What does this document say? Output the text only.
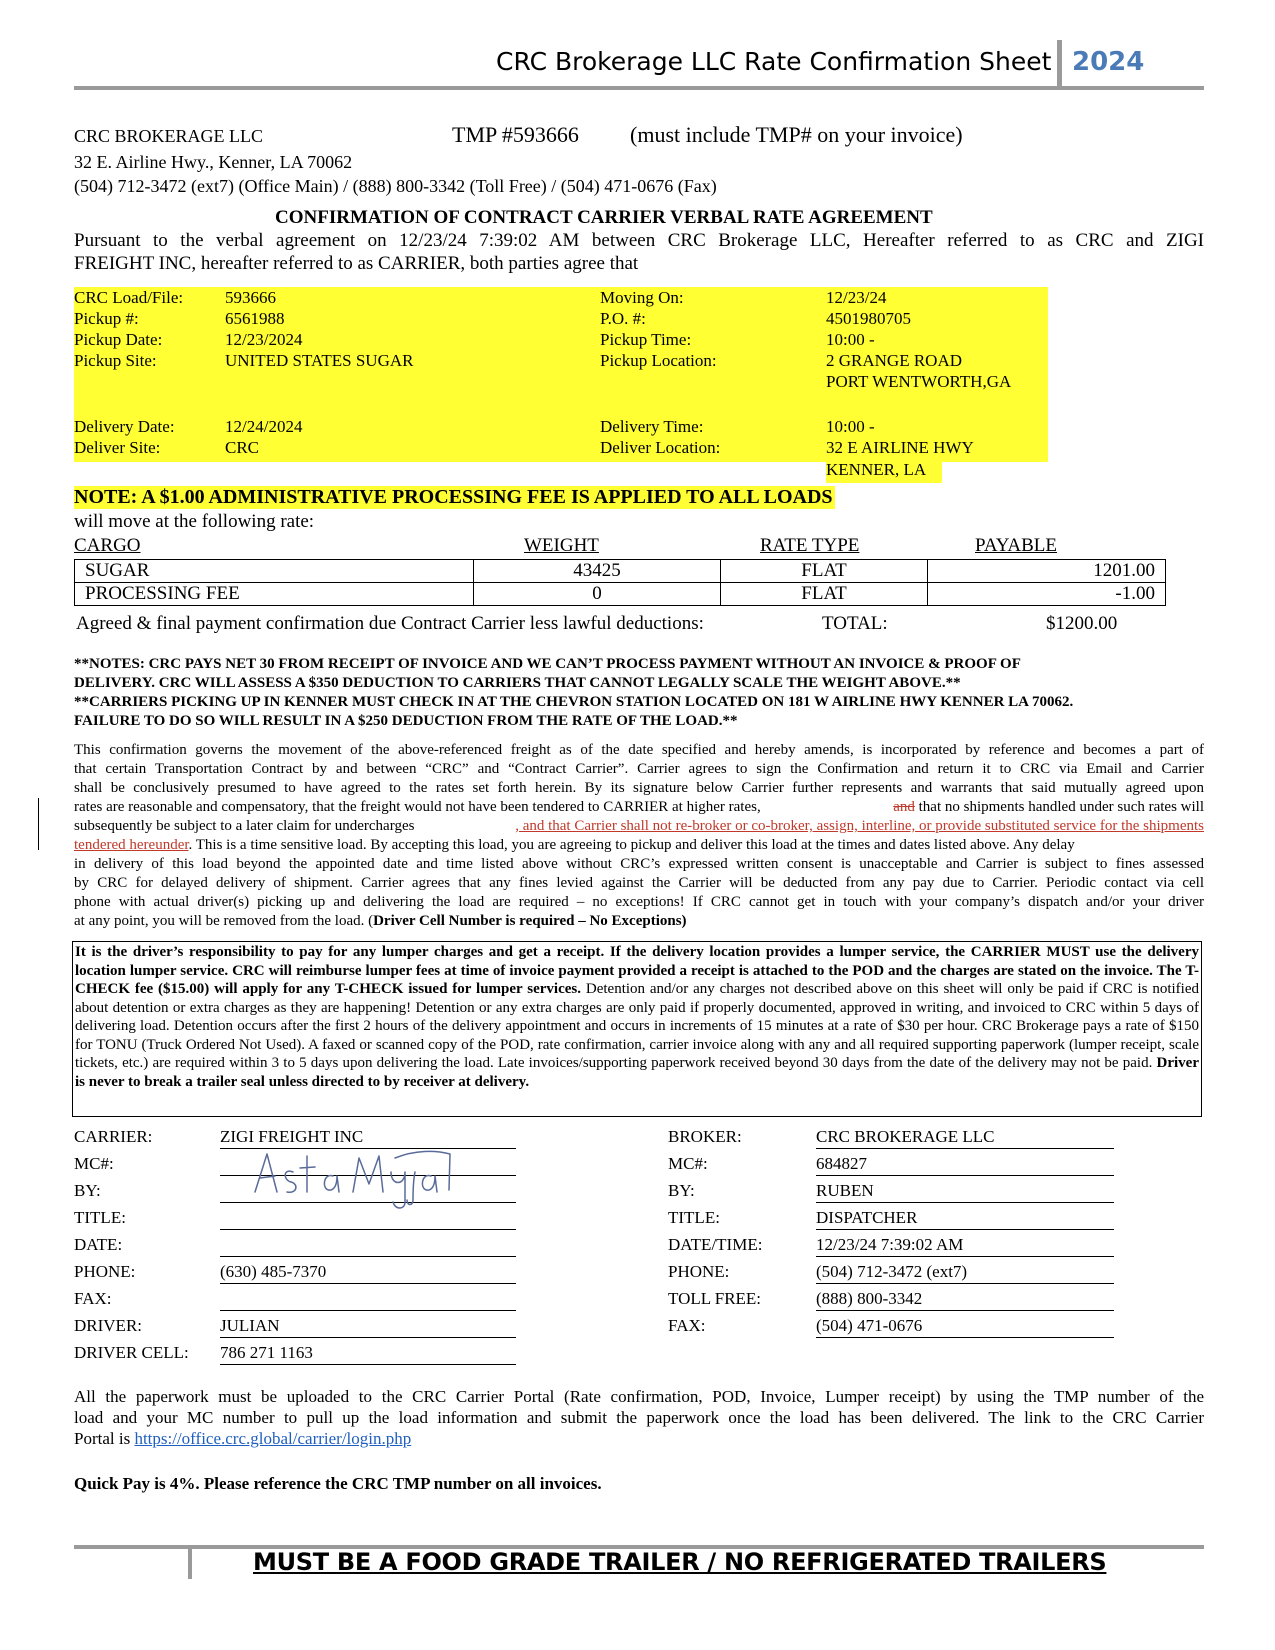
CRC Brokerage LLC Rate Confirmation Sheet 2024
CRC BROKERAGE LLC	TMP #593666 (must include TMP# on your invoice)
32 E. Airline Hwy., Kenner, LA 70062
(504) 712-3472 (ext7) (Office Main) / (888) 800-3342 (Toll Free) / (504) 471-0676 (Fax)
CONFIRMATION OF CONTRACT CARRIER VERBAL RATE AGREEMENT
Pursuant to the verbal agreement on 12/23/24 7:39:02 AM between CRC Brokerage LLC, Hereafter referred to as CRC and ZIGI
FREIGHT INC, hereafter referred to as CARRIER, both parties agree that
CRC Load/File: 593666	Moving On:	12/23/24
Pickup #:	6561988	P.O. #:	4501980705
Pickup Date:	12/23/2024	Pickup Time:	10:00 -
Pickup Site:	UNITED STATES SUGAR	Pickup Location:	2 GRANGE ROAD
PORT WENTWORTH,GA
Delivery Date:	12/24/2024	Delivery Time:	10:00 -
Deliver Site:	CRC	Deliver Location:	32 E AIRLINE HWY
KENNER, LA
NOTE: A $1.00 ADMINISTRATIVE PROCESSING FEE IS APPLIED TO ALL LOADS
will move at the following rate:
CARGO	WEIGHT	RATE TYPE	PAYABLE
SUGAR	43425	FLAT	1201.00
PROCESSING FEE	0	FLAT	-1.00
Agreed & final payment confirmation due Contract Carrier less lawful deductions:	TOTAL:	$1200.00
**NOTES: CRC PAYS NET 30 FROM RECEIPT OF INVOICE AND WE CAN’T PROCESS PAYMENT WITHOUT AN INVOICE & PROOF OF
DELIVERY. CRC WILL ASSESS A $350 DEDUCTION TO CARRIERS THAT CANNOT LEGALLY SCALE THE WEIGHT ABOVE.**
**CARRIERS PICKING UP IN KENNER MUST CHECK IN AT THE CHEVRON STATION LOCATED ON 181 W AIRLINE HWY KENNER LA 70062.
FAILURE TO DO SO WILL RESULT IN A $250 DEDUCTION FROM THE RATE OF THE LOAD.**
This confirmation governs the movement of the above-referenced freight as of the date specified and hereby amends, is incorporated by reference and becomes a part of
that certain Transportation Contract by and between “CRC” and “Contract Carrier”. Carrier agrees to sign the Confirmation and return it to CRC via Email and Carrier
shall be conclusively presumed to have agreed to the rates set forth herein. By its signature below Carrier further represents and warrants that said mutually agreed upon
rates are reasonable and compensatory, that the freight would not have been tendered to CARRIER at higher rates,	and that no shipments handled under such rates will
subsequently be subject to a later claim for undercharges	, and that Carrier shall not re-broker or co-broker, assign, interline, or provide substituted service for the shipments
tendered hereunder. This is a time sensitive load. By accepting this load, you are agreeing to pickup and deliver this load at the times and dates listed above. Any delay
in delivery of this load beyond the appointed date and time listed above without CRC’s expressed written consent is unacceptable and Carrier is subject to fines assessed
by CRC for delayed delivery of shipment. Carrier agrees that any fines levied against the Carrier will be deducted from any pay due to Carrier. Periodic contact via cell
phone with actual driver(s) picking up and delivering the load are required – no exceptions! If CRC cannot get in touch with your company’s dispatch and/or your driver
at any point, you will be removed from the load. (Driver Cell Number is required – No Exceptions)
It is the driver’s responsibility to pay for any lumper charges and get a receipt. If the delivery location provides a lumper service, the CARRIER MUST use the delivery location lumper service. CRC will reimburse lumper fees at time of invoice payment provided a receipt is attached to the POD and the charges are stated on the invoice. The T-CHECK fee ($15.00) will apply for any T-CHECK issued for lumper services. Detention and/or any charges not described above on this sheet will only be paid if CRC is notified about detention or extra charges as they are happening! Detention or any extra charges are only paid if properly documented, approved in writing, and invoiced to CRC within 5 days of delivering load. Detention occurs after the first 2 hours of the delivery appointment and occurs in increments of 15 minutes at a rate of $30 per hour. CRC Brokerage pays a rate of $150 for TONU (Truck Ordered Not Used). A faxed or scanned copy of the POD, rate confirmation, carrier invoice along with any and all required supporting paperwork (lumper receipt, scale tickets, etc.) are required within 3 to 5 days upon delivering the load. Late invoices/supporting paperwork received beyond 30 days from the date of the delivery may not be paid. Driver is never to break a trailer seal unless directed to by receiver at delivery.
CARRIER:	ZIGI FREIGHT INC
MC#:
BY:
TITLE:
DATE:
PHONE:	(630) 485-7370
FAX:
DRIVER:	JULIAN
DRIVER CELL: 786 271 1163
BROKER:	CRC BROKERAGE LLC
MC#:	684827
BY:	RUBEN
TITLE:	DISPATCHER
DATE/TIME:	12/23/24 7:39:02 AM
PHONE:	(504) 712-3472 (ext7)
TOLL FREE:	(888) 800-3342
FAX:	(504) 471-0676
All the paperwork must be uploaded to the CRC Carrier Portal (Rate confirmation, POD, Invoice, Lumper receipt) by using the TMP number of the
load and your MC number to pull up the load information and submit the paperwork once the load has been delivered. The link to the CRC Carrier
Portal is https://office.crc.global/carrier/login.php
Quick Pay is 4%. Please reference the CRC TMP number on all invoices.
MUST BE A FOOD GRADE TRAILER / NO REFRIGERATED TRAILERS
